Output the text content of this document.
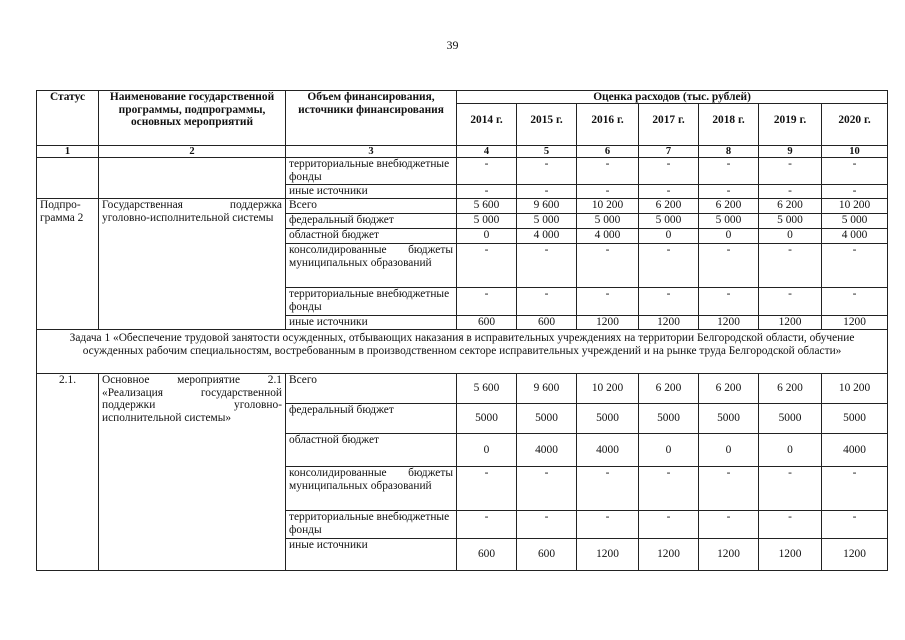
39
Статус	Наименование государственной программы, подпрограммы, основных мероприятий	Объем финансирования, источники финансирования	Оценка расходов (тыс. рублей)						
			2014 г.	2015 г.	2016 г.	2017 г.	2018 г.	2019 г.	2020 г.
1	2	3	4	5	6	7	8	9	10
		территориальные внебюджетные фонды	-	-	-	-	-	-	-
		иные источники	-	-	-	-	-	-	-
Подпро-грамма 2	Государственная поддержка уголовно-исполнительной системы	Всего	5 600	9 600	10 200	6 200	6 200	6 200	10 200
		федеральный бюджет	5 000	5 000	5 000	5 000	5 000	5 000	5 000
		областной бюджет	0	4 000	4 000	0	0	0	4 000
		консолидированные бюджеты муниципальных образований	-	-	-	-	-	-	-
		территориальные внебюджетные фонды	-	-	-	-	-	-	-
		иные источники	600	600	1200	1200	1200	1200	1200
Задача 1 «Обеспечение трудовой занятости осужденных, отбывающих наказания в исправительных учреждениях на территории Белгородской области, обучение осужденных рабочим специальностям, востребованным в производственном секторе исправительных учреждений и на рынке труда Белгородской области»									
2.1.	Основное мероприятие 2.1 «Реализация государственной поддержки уголовно-исполнительной системы»	Всего	5 600	9 600	10 200	6 200	6 200	6 200	10 200
		федеральный бюджет	5000	5000	5000	5000	5000	5000	5000
		областной бюджет	0	4000	4000	0	0	0	4000
		консолидированные бюджеты муниципальных образований	-	-	-	-	-	-	-
		территориальные внебюджетные фонды	-	-	-	-	-	-	-
		иные источники	600	600	1200	1200	1200	1200	1200
